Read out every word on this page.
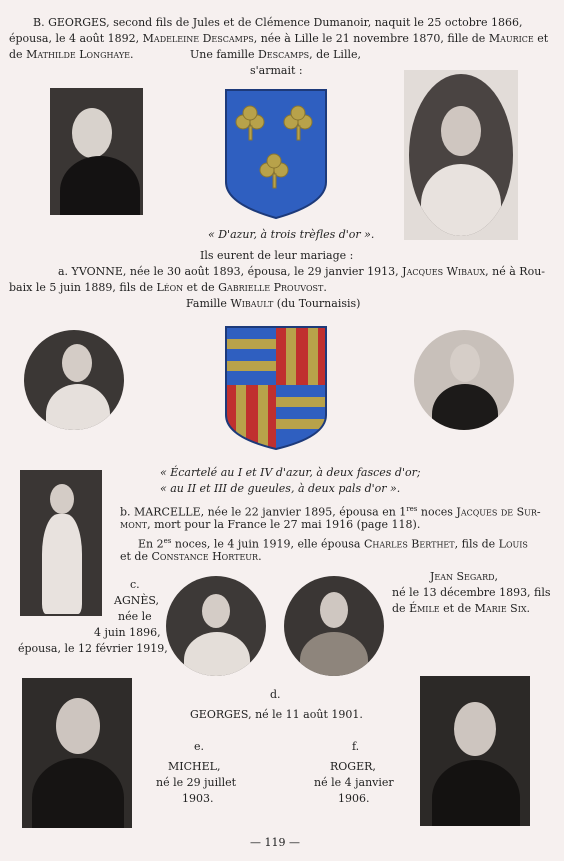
B. GEORGES, second fils de Jules et de Clémence Dumanoir, naquit le 25 octobre 1866,
épousa, le 4 août 1892, Madeleine Descamps, née à Lille le 21 novembre 1870, fille de Maurice et
de Mathilde Longhaye.	Une famille Descamps, de Lille,
s'armait :
« D'azur, à trois trèfles d'or ».
Ils eurent de leur mariage :
a. YVONNE, née le 30 août 1893, épousa, le 29 janvier 1913, Jacques Wibaux, né à Rou-
baix le 5 juin 1889, fils de Léon et de Gabrielle Prouvost.
Famille Wibault (du Tournaisis)
« Écartelé au I et IV d'azur, à deux fasces d'or;
« au II et III de gueules, à deux pals d'or ».
b. MARCELLE, née le 22 janvier 1895, épousa en 1res noces Jacques de Sur-
mont, mort pour la France le 27 mai 1916 (page 118).
En $2^{es}$ noces, le 4 juin 1919, elle épousa Charles Berthet, fils de Louis
et de Constance Horteur.
c.
AGNÈS,
née le
4 juin 1896,
épousa, le 12 février 1919,
Jean Segard,
né le 13 décembre 1893, fils
de Émile et de Marie Six.
d.
GEORGES, né le 11 août 1901.
e.
MICHEL,
né le 29 juillet
1903.
f.
ROGER,
né le 4 janvier
1906.
— 119 —
